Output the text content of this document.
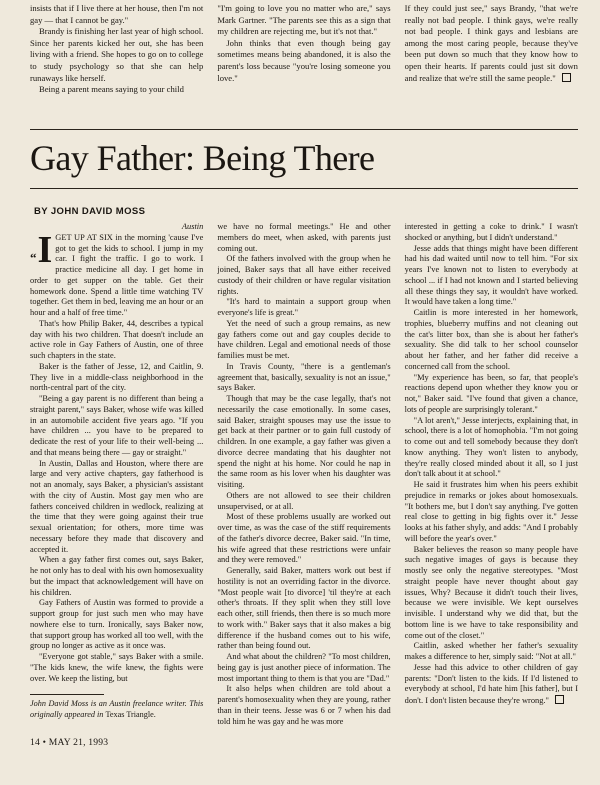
insists that if I live there at her house, then I'm not gay — that I cannot be gay."

Brandy is finishing her last year of high school. Since her parents kicked her out, she has been living with a friend. She hopes to go on to college to study psychology so that she can help runaways like herself.

Being a parent means saying to your child

"I'm going to love you no matter who are," says Mark Gartner. "The parents see this as a sign that my children are rejecting me, but it's not that."

John thinks that even though being gay sometimes means being abandoned, it is also the parent's loss because "you're losing someone you love."

If they could just see," says Brandy, "that we're really not bad people. I think gays, we're really not bad people. I think gays and lesbians are among the most caring people, because they've been put down so much that they know how to open their hearts. If parents could just sit down and realize that we're still the same people."

Gay Father: Being There

BY JOHN DAVID MOSS

Austin

“I GET UP AT SIX in the morning 'cause I've got to get the kids to school. I jump in my car. I fight the traffic. I go to work. I practice medicine all day. I get home in order to get supper on the table. Get their homework done. Spend a little time watching TV together. Get them in bed, leaving me an hour or an hour and a half of free time."

That's how Philip Baker, 44, describes a typical day with his two children. That doesn't include an active role in Gay Fathers of Austin, one of three such chapters in the state.

Baker is the father of Jesse, 12, and Caitlin, 9. They live in a middle-class neighborhood in the north-central part of the city.

"Being a gay parent is no different than being a straight parent," says Baker, whose wife was killed in an automobile accident five years ago. "If you have children ... you have to be prepared to dedicate the rest of your life to their well-being ... and that means being there — gay or straight."

In Austin, Dallas and Houston, where there are large and very active chapters, gay fatherhood is not an anomaly, says Baker, a physician's assistant with the city of Austin. Most gay men who are fathers conceived children in wedlock, realizing at the time that they were going against their true sexual orientation; for others, more time was necessary before they made that discovery and accepted it.

When a gay father first comes out, says Baker, he not only has to deal with his own homosexuality but the impact that acknowledgement will have on his children.

Gay Fathers of Austin was formed to provide a support group for just such men who may have nowhere else to turn. Ironically, says Baker now, that support group has worked all too well, with the group no longer as active as it once was.

"Everyone got stable," says Baker with a smile. "The kids knew, the wife knew, the fights were over. We keep the listing, but

John David Moss is an Austin freelance writer. This originally appeared in Texas Triangle.

we have no formal meetings." He and other members do meet, when asked, with parents just coming out.

Of the fathers involved with the group when he joined, Baker says that all have either received custody of their children or have regular visitation rights.

"It's hard to maintain a support group when everyone's life is great."

Yet the need of such a group remains, as new gay fathers come out and gay couples decide to have children. Legal and emotional needs of those families must be met.

In Travis County, "there is a gentleman's agreement that, basically, sexuality is not an issue," says Baker.

Though that may be the case legally, that's not necessarily the case emotionally. In some cases, said Baker, straight spouses may use the issue to get back at their partner or to gain full custody of children. In one example, a gay father was given a divorce decree mandating that his daughter not spend the night at his home. Nor could he nap in the same room as his lover when his daughter was visiting.

Others are not allowed to see their children unsupervised, or at all.

Most of these problems usually are worked out over time, as was the case of the stiff requirements of the father's divorce decree, Baker said. "In time, his wife agreed that these restrictions were unfair and they were removed."

Generally, said Baker, matters work out best if hostility is not an overriding factor in the divorce. "Most people wait [to divorce] 'til they're at each other's throats. If they split when they still love each other, still friends, then there is so much more to work with." Baker says that it also makes a big difference if the husband comes out to his wife, rather than being found out.

And what about the children? "To most children, being gay is just another piece of information. The most important thing to them is that you are "Dad."

It also helps when children are told about a parent's homosexuality when they are young, rather than in their teens. Jesse was 6 or 7 when his dad told him he was gay and he was more

interested in getting a coke to drink." I wasn't shocked or anything, but I didn't understand."

Jesse adds that things might have been different had his dad waited until now to tell him. "For six years I've known not to listen to everybody at school ... if I had not known and I started believing all these things they say, it wouldn't have worked. It would have taken a long time."

Caitlin is more interested in her homework, trophies, blueberry muffins and not cleaning out the cat's litter box, than she is about her father's sexuality. She did talk to her school counselor about her father, and her father did receive a concerned call from the school.

"My experience has been, so far, that people's reactions depend upon whether they know you or not," Baker said. "I've found that given a chance, lots of people are surprisingly tolerant."

"A lot aren't," Jesse interjects, explaining that, in school, there is a lot of homophobia. "I'm not going to come out and tell somebody because they don't know anything. They won't listen to anybody, they're really closed minded about it all, so I just don't talk about it at school."

He said it frustrates him when his peers exhibit prejudice in remarks or jokes about homosexuals. "It bothers me, but I don't say anything. I've gotten real close to getting in big fights over it." Jesse looks at his father shyly, and adds: "And I probably will before the year's over."

Baker believes the reason so many people have such negative images of gays is because they mostly see only the negative stereotypes. "Most straight people have never thought about gay issues, Why? Because it didn't touch their lives, because we were invisible. We kept ourselves invisible. I understand why we did that, but the bottom line is we have to take responsibility and come out of the closet."

Caitlin, asked whether her father's sexuality makes a difference to her, simply said: "Not at all."

Jesse had this advice to other children of gay parents: "Don't listen to the kids. If I'd listened to everybody at school, I'd hate him [his father], but I don't. I don't listen because they're wrong."

14 • MAY 21, 1993
